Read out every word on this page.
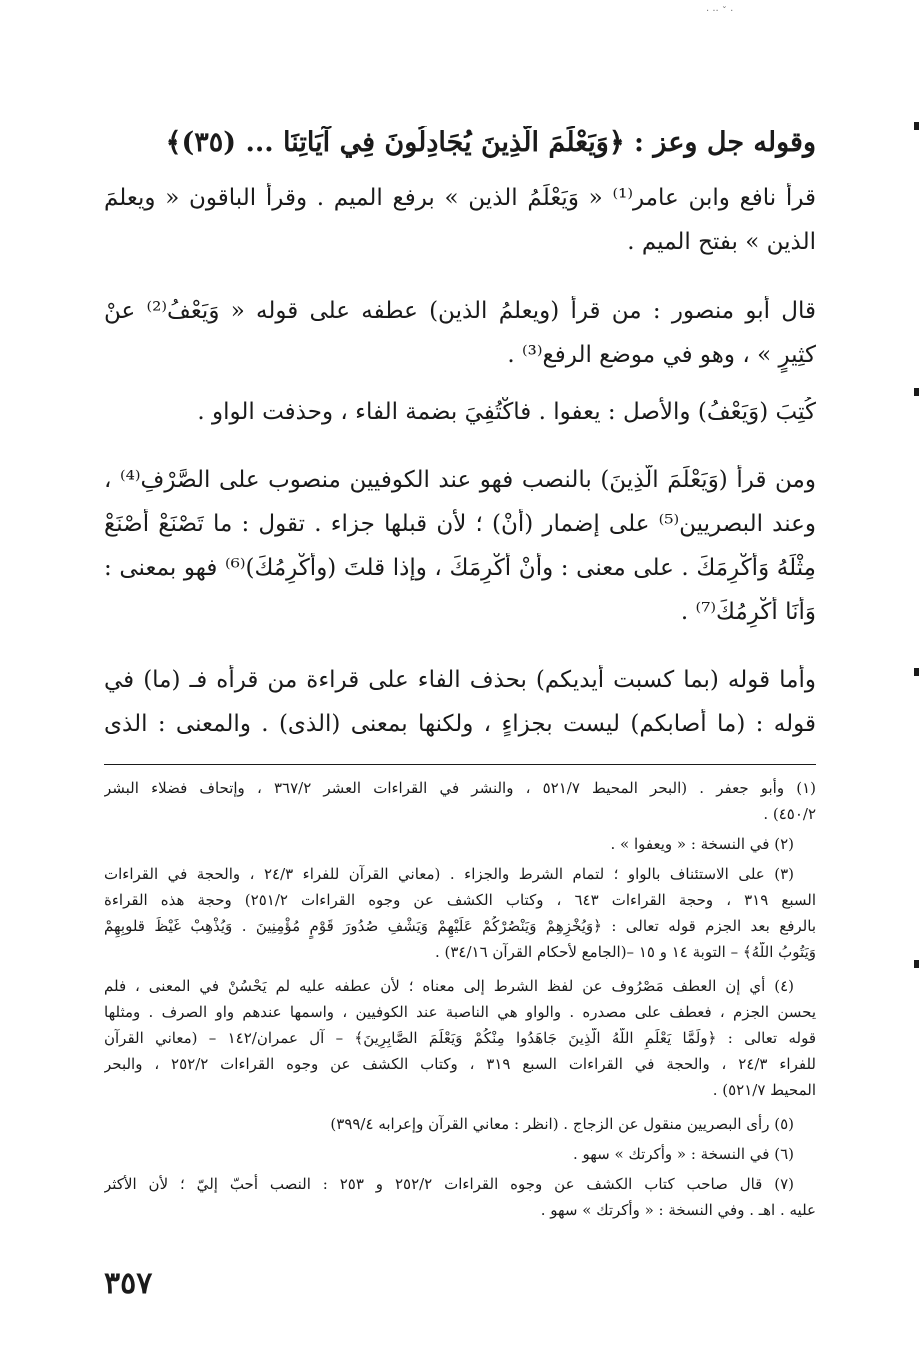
· ·· ˇ ·
وقوله جل وعز : ﴿وَيَعْلَمَ الَّذِينَ يُجَادِلُونَ فِي آيَاتِنَا ... (٣٥)﴾
قرأ نافع وابن عامر⁽¹⁾ « وَيَعْلَمُ الذين » برفع الميم . وقرأ الباقون « ويعلمَ
الذين » بفتح الميم .
قال أبو منصور : من قرأ (ويعلمُ الذين) عطفه على قوله « وَيَعْفُ⁽²⁾ عنْ
كثِيرٍ » ، وهو في موضع الرفع⁽³⁾ .
كُتِبَ (وَيَعْفُ) والأصل : يعفوا . فاكْتُفِيَ بضمة الفاء ، وحذفت الواو .
ومن قرأ (وَيَعْلَمَ الَّذِينَ) بالنصب فهو عند الكوفيين منصوب على الصَّرْفِ⁽⁴⁾ ،
وعند البصريين⁽⁵⁾ على إضمار (أنْ) ؛ لأن قبلها جزاء . تقول : ما تَصْنَعْ أَصْنَعْ
مِثْلَهُ وَأُكْرِمَكَ . على معنى : وأَنْ أُكْرِمَكَ ، وإذا قلتَ (وأُكْرِمُكَ)⁽⁶⁾ فهو بمعنى :
وَأَنَا أُكْرِمُكَ⁽⁷⁾ .
وأما قوله (بما كسبت أيديكم) بحذف الفاء على قراءة من قرأه فـ (ما) في
قوله : (ما أصابكم) ليست بجزاءٍ ، ولكنها بمعنى (الذى) . والمعنى : الذى
(١) وأبو جعفر . (البحر المحيط ٥٢١/٧ ، والنشر في القراءات العشر ٣٦٧/٢ ، وإتحاف فضلاء البشر
٤٥٠/٢) .
(٢) في النسخة : « ويعفوا » .
(٣) على الاستئناف بالواو ؛ لتمام الشرط والجزاء . (معاني القرآن للفراء ٢٤/٣ ، والحجة في القراءات
السبع ٣١٩ ، وحجة القراءات ٦٤٣ ، وكتاب الكشف عن وجوه القراءات ٢٥١/٢) وحجة هذه القراءة
بالرفع بعد الجزم قوله تعالى : ﴿وَيُخْزِهِمْ وَيَنْصُرْكُمْ عَلَيْهِمْ وَيَشْفِ صُدُورَ قَوْمٍ مُؤْمِنِينَ . وَيُذْهِبْ غَيْظَ قلوبِهِمْ
وَيَتُوبُ اللَّهُ﴾ – التوبة ١٤ و ١٥ –(الجامع لأحكام القرآن ٣٤/١٦) .
(٤) أي إن العطف مَصْرُوف عن لفظ الشرط إلى معناه ؛ لأن عطفه عليه لم يَحْسُنْ في المعنى ، فلم
يحسن الجزم ، فعطف على مصدره . والواو هي الناصبة عند الكوفيين ، واسمها عندهم واو الصرف . ومثلها
قوله تعالى : ﴿ولَمَّا يَعْلَمِ اللَّهُ الَّذِينَ جَاهَدُوا مِنْكُمْ وَيَعْلَمَ الصَّابِرِينَ﴾ – آل عمران/١٤٢ – (معاني القرآن
للفراء ٢٤/٣ ، والحجة في القراءات السبع ٣١٩ ، وكتاب الكشف عن وجوه القراءات ٢٥٢/٢ ، والبحر
المحيط ٥٢١/٧) .
(٥) رأى البصريين منقول عن الزجاج . (انظر : معاني القرآن وإعرابه ٣٩٩/٤)
(٦) في النسخة : « وأكرتك » سهو .
(٧) قال صاحب كتاب الكشف عن وجوه القراءات ٢٥٢/٢ و ٢٥٣ : النصب أحبّ إليّ ؛ لأن الأكثر
عليه . اهـ . وفي النسخة : « وأكرتك » سهو .
٣٥٧
